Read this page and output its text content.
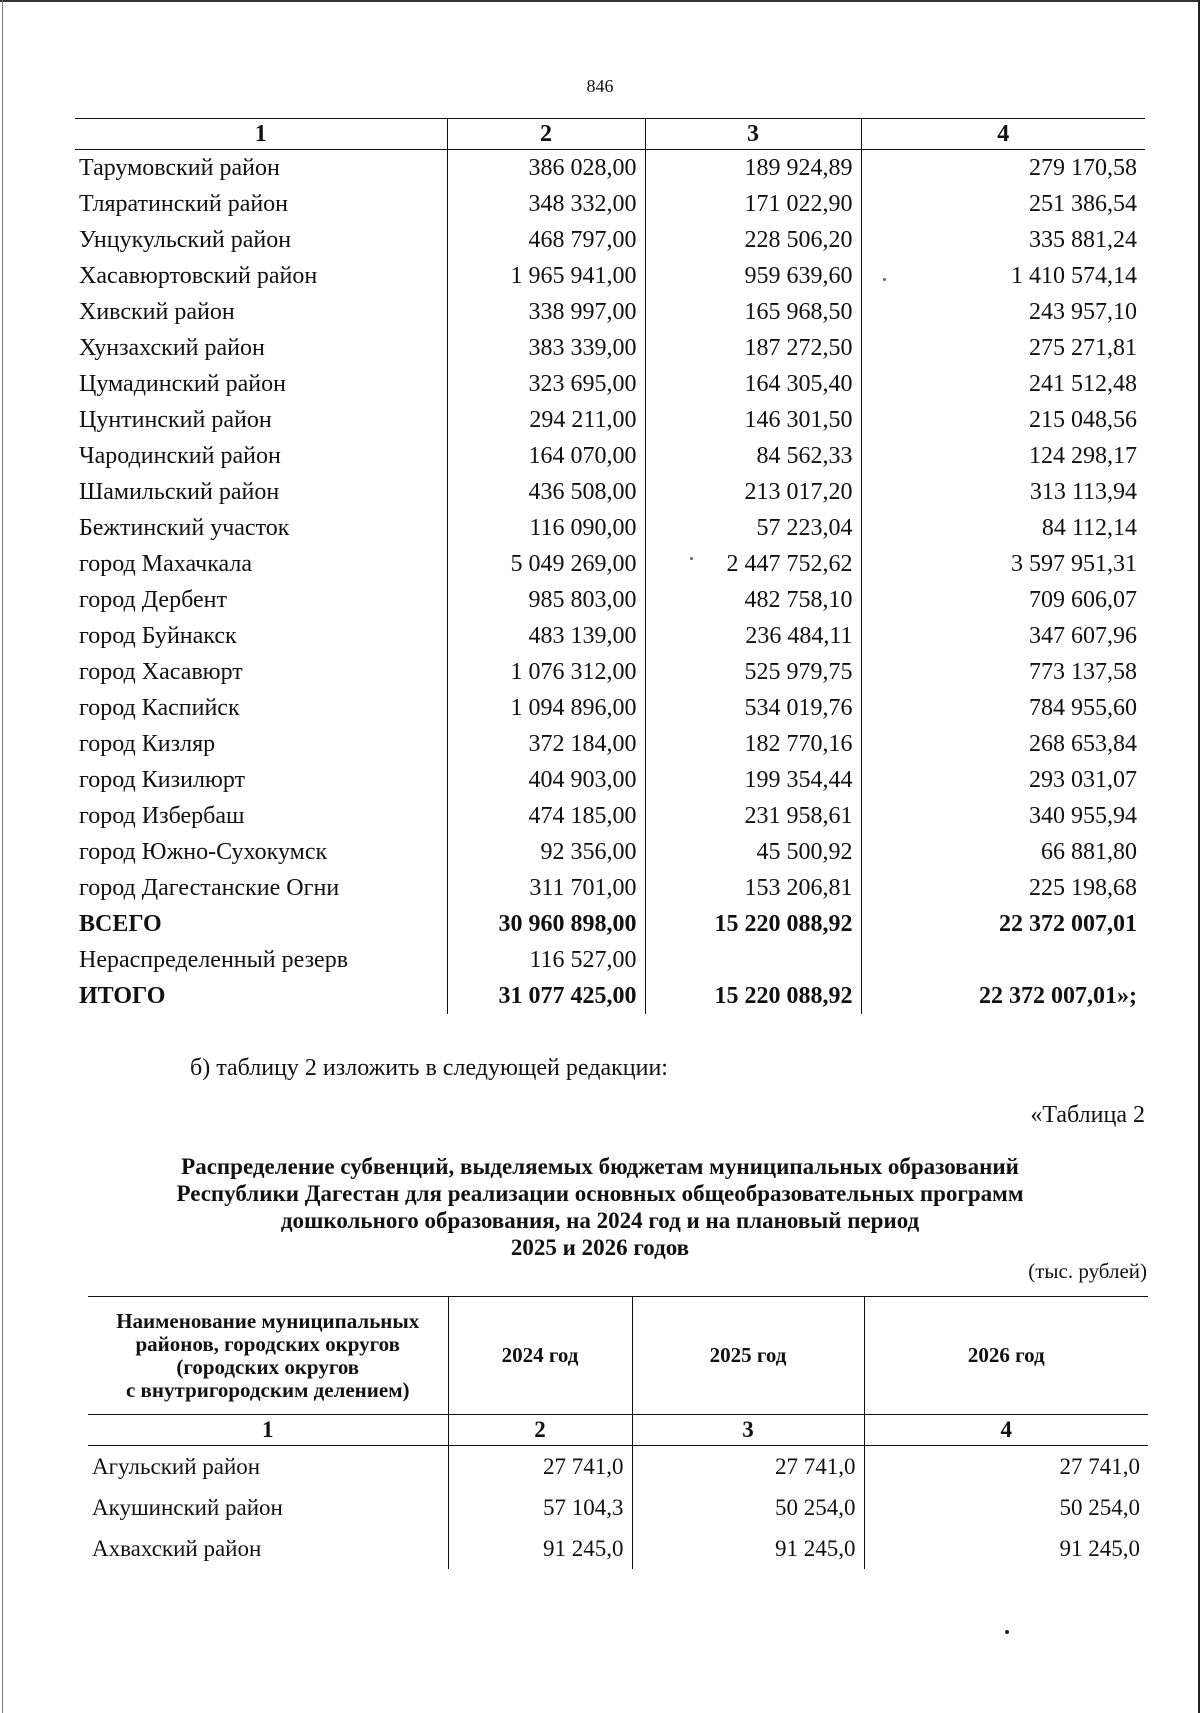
846
1	2	3	4
Тарумовский район	386 028,00	189 924,89	279 170,58
Тляратинский район	348 332,00	171 022,90	251 386,54
Унцукульский район	468 797,00	228 506,20	335 881,24
Хасавюртовский район	1 965 941,00	959 639,60	1 410 574,14
Хивский район	338 997,00	165 968,50	243 957,10
Хунзахский район	383 339,00	187 272,50	275 271,81
Цумадинский район	323 695,00	164 305,40	241 512,48
Цунтинский район	294 211,00	146 301,50	215 048,56
Чародинский район	164 070,00	84 562,33	124 298,17
Шамильский район	436 508,00	213 017,20	313 113,94
Бежтинский участок	116 090,00	57 223,04	84 112,14
город Махачкала	5 049 269,00	2 447 752,62	3 597 951,31
город Дербент	985 803,00	482 758,10	709 606,07
город Буйнакск	483 139,00	236 484,11	347 607,96
город Хасавюрт	1 076 312,00	525 979,75	773 137,58
город Каспийск	1 094 896,00	534 019,76	784 955,60
город Кизляр	372 184,00	182 770,16	268 653,84
город Кизилюрт	404 903,00	199 354,44	293 031,07
город Избербаш	474 185,00	231 958,61	340 955,94
город Южно-Сухокумск	92 356,00	45 500,92	66 881,80
город Дагестанские Огни	311 701,00	153 206,81	225 198,68
ВСЕГО	30 960 898,00	15 220 088,92	22 372 007,01
Нераспределенный резерв	116 527,00		
ИТОГО	31 077 425,00	15 220 088,92	22 372 007,01»;
б) таблицу 2 изложить в следующей редакции:
«Таблица 2
Распределение субвенций, выделяемых бюджетам муниципальных образований
Республики Дагестан для реализации основных общеобразовательных программ
дошкольного образования, на 2024 год и на плановый период
2025 и 2026 годов
(тыс. рублей)
Наименование муниципальных
районов, городских округов
(городских округов
с внутригородским делением)	2024 год	2025 год	2026 год
1	2	3	4
Агульский район	27 741,0	27 741,0	27 741,0
Акушинский район	57 104,3	50 254,0	50 254,0
Ахвахский район	91 245,0	91 245,0	91 245,0
